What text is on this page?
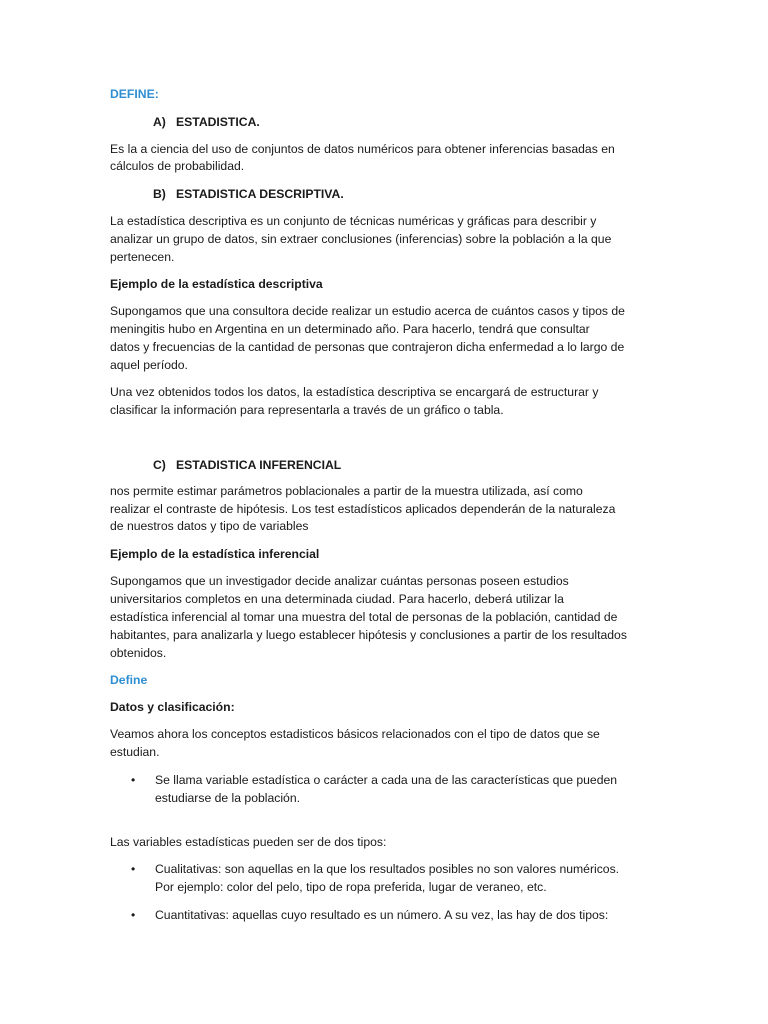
DEFINE:
A)   ESTADISTICA.
Es la a ciencia del uso de conjuntos de datos numéricos para obtener inferencias basadas en
cálculos de probabilidad.
B)   ESTADISTICA DESCRIPTIVA.
La estadística descriptiva es un conjunto de técnicas numéricas y gráficas para describir y
analizar un grupo de datos, sin extraer conclusiones (inferencias) sobre la población a la que
pertenecen.
Ejemplo de la estadística descriptiva
Supongamos que una consultora decide realizar un estudio acerca de cuántos casos y tipos de
meningitis hubo en Argentina en un determinado año. Para hacerlo, tendrá que consultar
datos y frecuencias de la cantidad de personas que contrajeron dicha enfermedad a lo largo de
aquel período.
Una vez obtenidos todos los datos, la estadística descriptiva se encargará de estructurar y
clasificar la información para representarla a través de un gráfico o tabla.
C)   ESTADISTICA INFERENCIAL
nos permite estimar parámetros poblacionales a partir de la muestra utilizada, así como
realizar el contraste de hipótesis. Los test estadísticos aplicados dependerán de la naturaleza
de nuestros datos y tipo de variables
Ejemplo de la estadística inferencial
Supongamos que un investigador decide analizar cuántas personas poseen estudios
universitarios completos en una determinada ciudad. Para hacerlo, deberá utilizar la
estadística inferencial al tomar una muestra del total de personas de la población, cantidad de
habitantes, para analizarla y luego establecer hipótesis y conclusiones a partir de los resultados
obtenidos.
Define
Datos y clasificación:
Veamos ahora los conceptos estadisticos básicos relacionados con el tipo de datos que se
estudian.
• Se llama variable estadística o carácter a cada una de las características que pueden
estudiarse de la población.
Las variables estadísticas pueden ser de dos tipos:
• Cualitativas: son aquellas en la que los resultados posibles no son valores numéricos.
Por ejemplo: color del pelo, tipo de ropa preferida, lugar de veraneo, etc.
• Cuantitativas: aquellas cuyo resultado es un número. A su vez, las hay de dos tipos:
